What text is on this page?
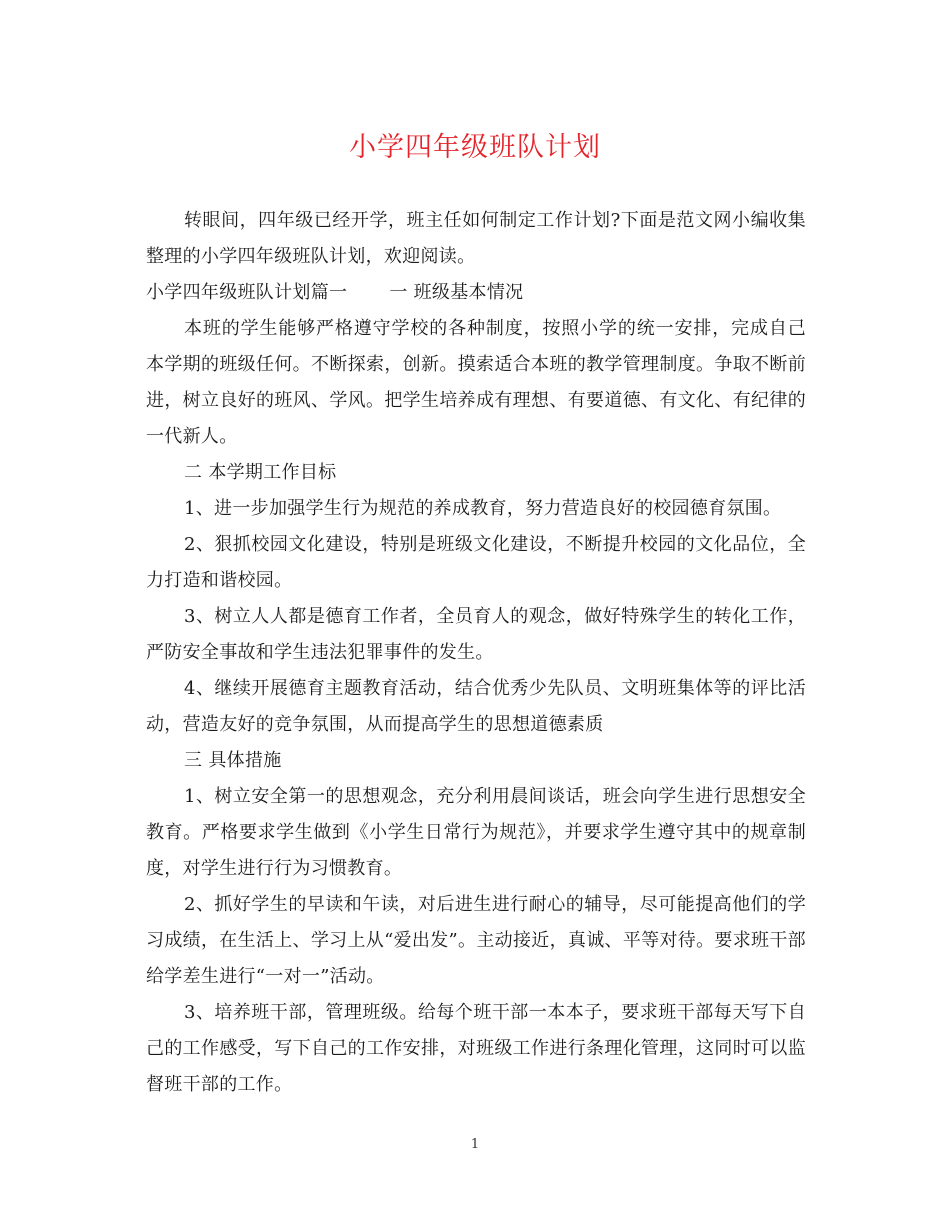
小学四年级班队计划

转眼间，四年级已经开学，班主任如何制定工作计划?下面是范文网小编收集整理的小学四年级班队计划，欢迎阅读。

小学四年级班队计划篇一 一 班级基本情况

本班的学生能够严格遵守学校的各种制度，按照小学的统一安排，完成自己本学期的班级任何。不断探索，创新。摸索适合本班的教学管理制度。争取不断前进，树立良好的班风、学风。把学生培养成有理想、有要道德、有文化、有纪律的一代新人。

二 本学期工作目标

1、进一步加强学生行为规范的养成教育，努力营造良好的校园德育氛围。

2、狠抓校园文化建设，特别是班级文化建设，不断提升校园的文化品位，全力打造和谐校园。

3、树立人人都是德育工作者，全员育人的观念，做好特殊学生的转化工作，严防安全事故和学生违法犯罪事件的发生。

4、继续开展德育主题教育活动，结合优秀少先队员、文明班集体等的评比活动，营造友好的竞争氛围，从而提高学生的思想道德素质

三 具体措施

1、树立安全第一的思想观念，充分利用晨间谈话，班会向学生进行思想安全教育。严格要求学生做到《小学生日常行为规范》，并要求学生遵守其中的规章制度，对学生进行行为习惯教育。

2、抓好学生的早读和午读，对后进生进行耐心的辅导，尽可能提高他们的学习成绩，在生活上、学习上从“爱出发”。主动接近，真诚、平等对待。要求班干部给学差生进行“一对一”活动。

3、培养班干部，管理班级。给每个班干部一本本子，要求班干部每天写下自己的工作感受，写下自己的工作安排，对班级工作进行条理化管理，这同时可以监督班干部的工作。

1
